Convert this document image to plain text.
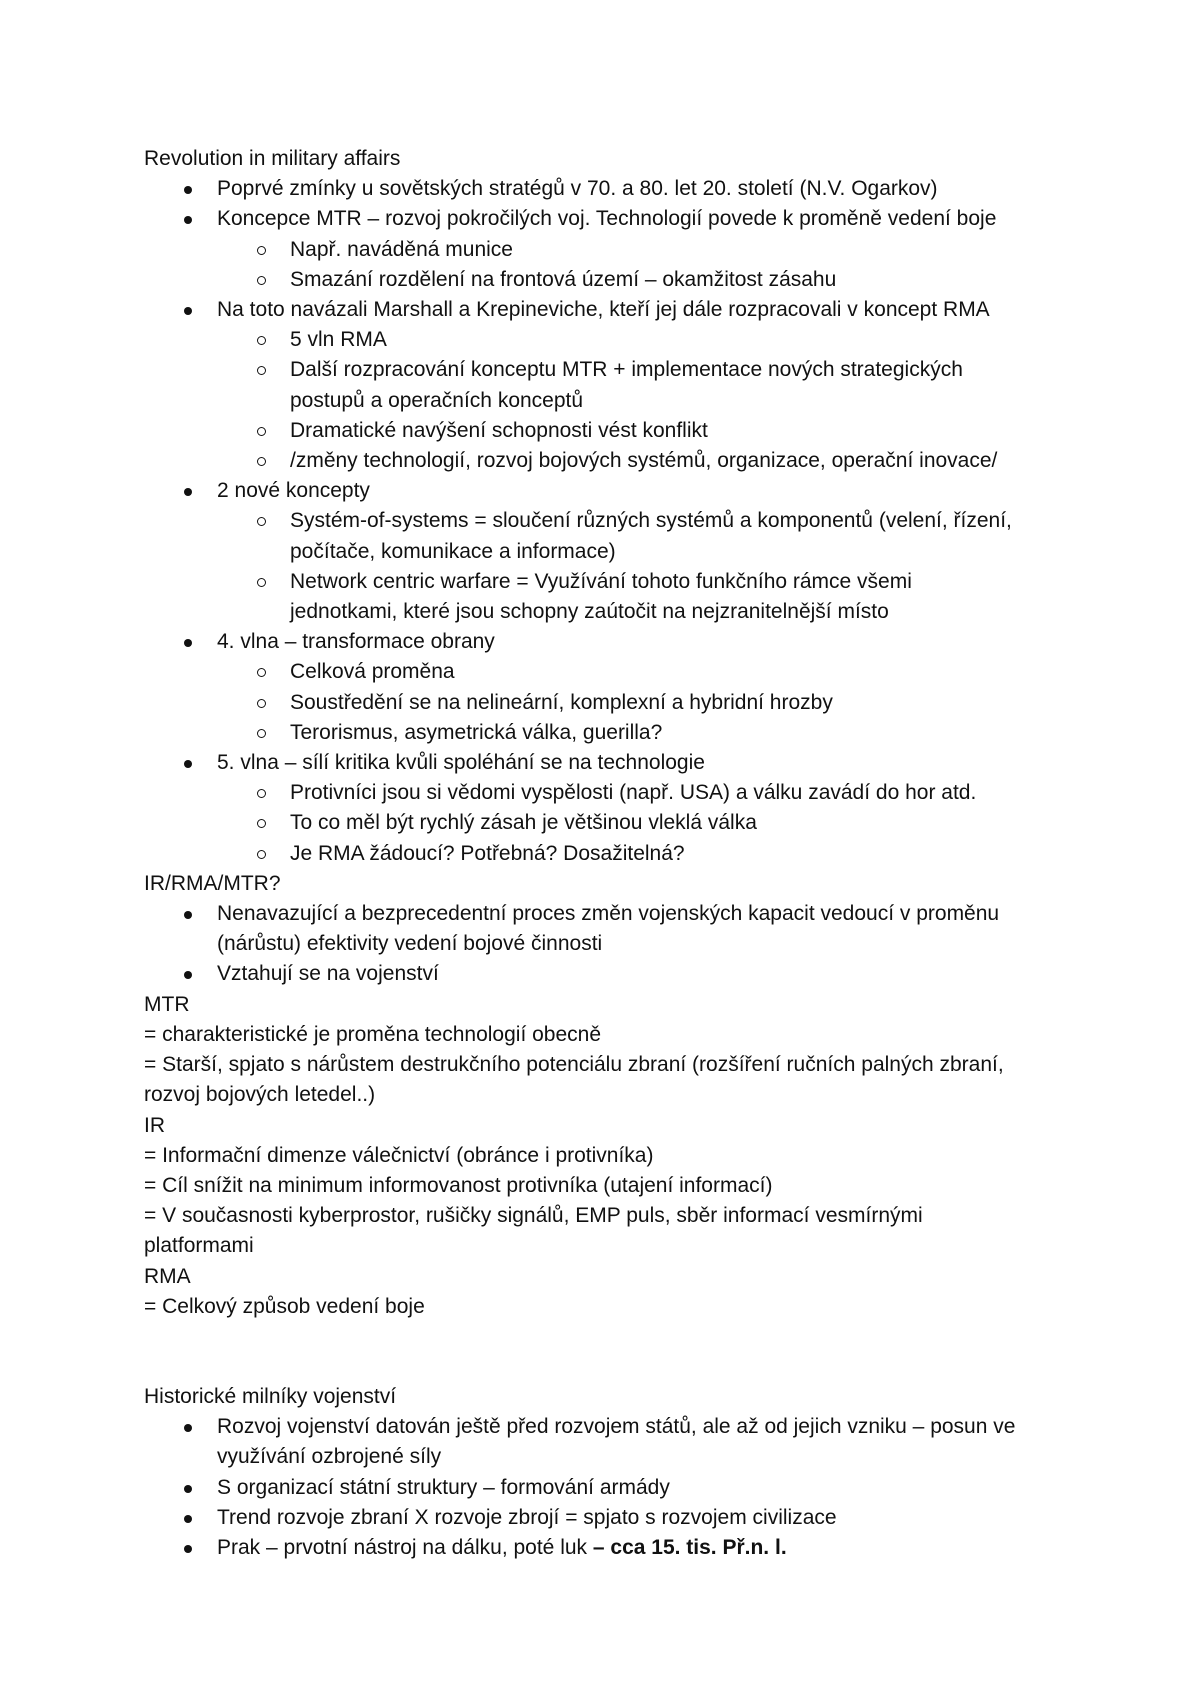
Revolution in military affairs
Poprvé zmínky u sovětských stratégů v 70. a 80. let 20. století (N.V. Ogarkov)
Koncepce MTR – rozvoj pokročilých voj. Technologií povede k proměně vedení boje
Např. naváděná munice
Smazání rozdělení na frontová území – okamžitost zásahu
Na toto navázali Marshall a Krepineviche, kteří jej dále rozpracovali v koncept RMA
5 vln RMA
Další rozpracování konceptu MTR + implementace nových strategických
postupů a operačních konceptů
Dramatické navýšení schopnosti vést konflikt
/změny technologií, rozvoj bojových systémů, organizace, operační inovace/
2 nové koncepty
Systém-of-systems = sloučení různých systémů a komponentů (velení, řízení,
počítače, komunikace a informace)
Network centric warfare = Využívání tohoto funkčního rámce všemi
jednotkami, které jsou schopny zaútočit na nejzranitelnější místo
4. vlna – transformace obrany
Celková proměna
Soustředění se na nelineární, komplexní a hybridní hrozby
Terorismus, asymetrická válka, guerilla?
5. vlna – sílí kritika kvůli spoléhání se na technologie
Protivníci jsou si vědomi vyspělosti (např. USA) a válku zavádí do hor atd.
To co měl být rychlý zásah je většinou vleklá válka
Je RMA žádoucí? Potřebná? Dosažitelná?
IR/RMA/MTR?
Nenavazující a bezprecedentní proces změn vojenských kapacit vedoucí v proměnu
(nárůstu) efektivity vedení bojové činnosti
Vztahují se na vojenství
MTR
= charakteristické je proměna technologií obecně
= Starší, spjato s nárůstem destrukčního potenciálu zbraní (rozšíření ručních palných zbraní,
rozvoj bojových letedel..)
IR
= Informační dimenze válečnictví (obránce i protivníka)
= Cíl snížit na minimum informovanost protivníka (utajení informací)
= V současnosti kyberprostor, rušičky signálů, EMP puls, sběr informací vesmírnými
platformami
RMA
= Celkový způsob vedení boje
Historické milníky vojenství
Rozvoj vojenství datován ještě před rozvojem států, ale až od jejich vzniku – posun ve
využívání ozbrojené síly
S organizací státní struktury – formování armády
Trend rozvoje zbraní X rozvoje zbrojí = spjato s rozvojem civilizace
Prak – prvotní nástroj na dálku, poté luk – cca 15. tis. Př.n. l.
